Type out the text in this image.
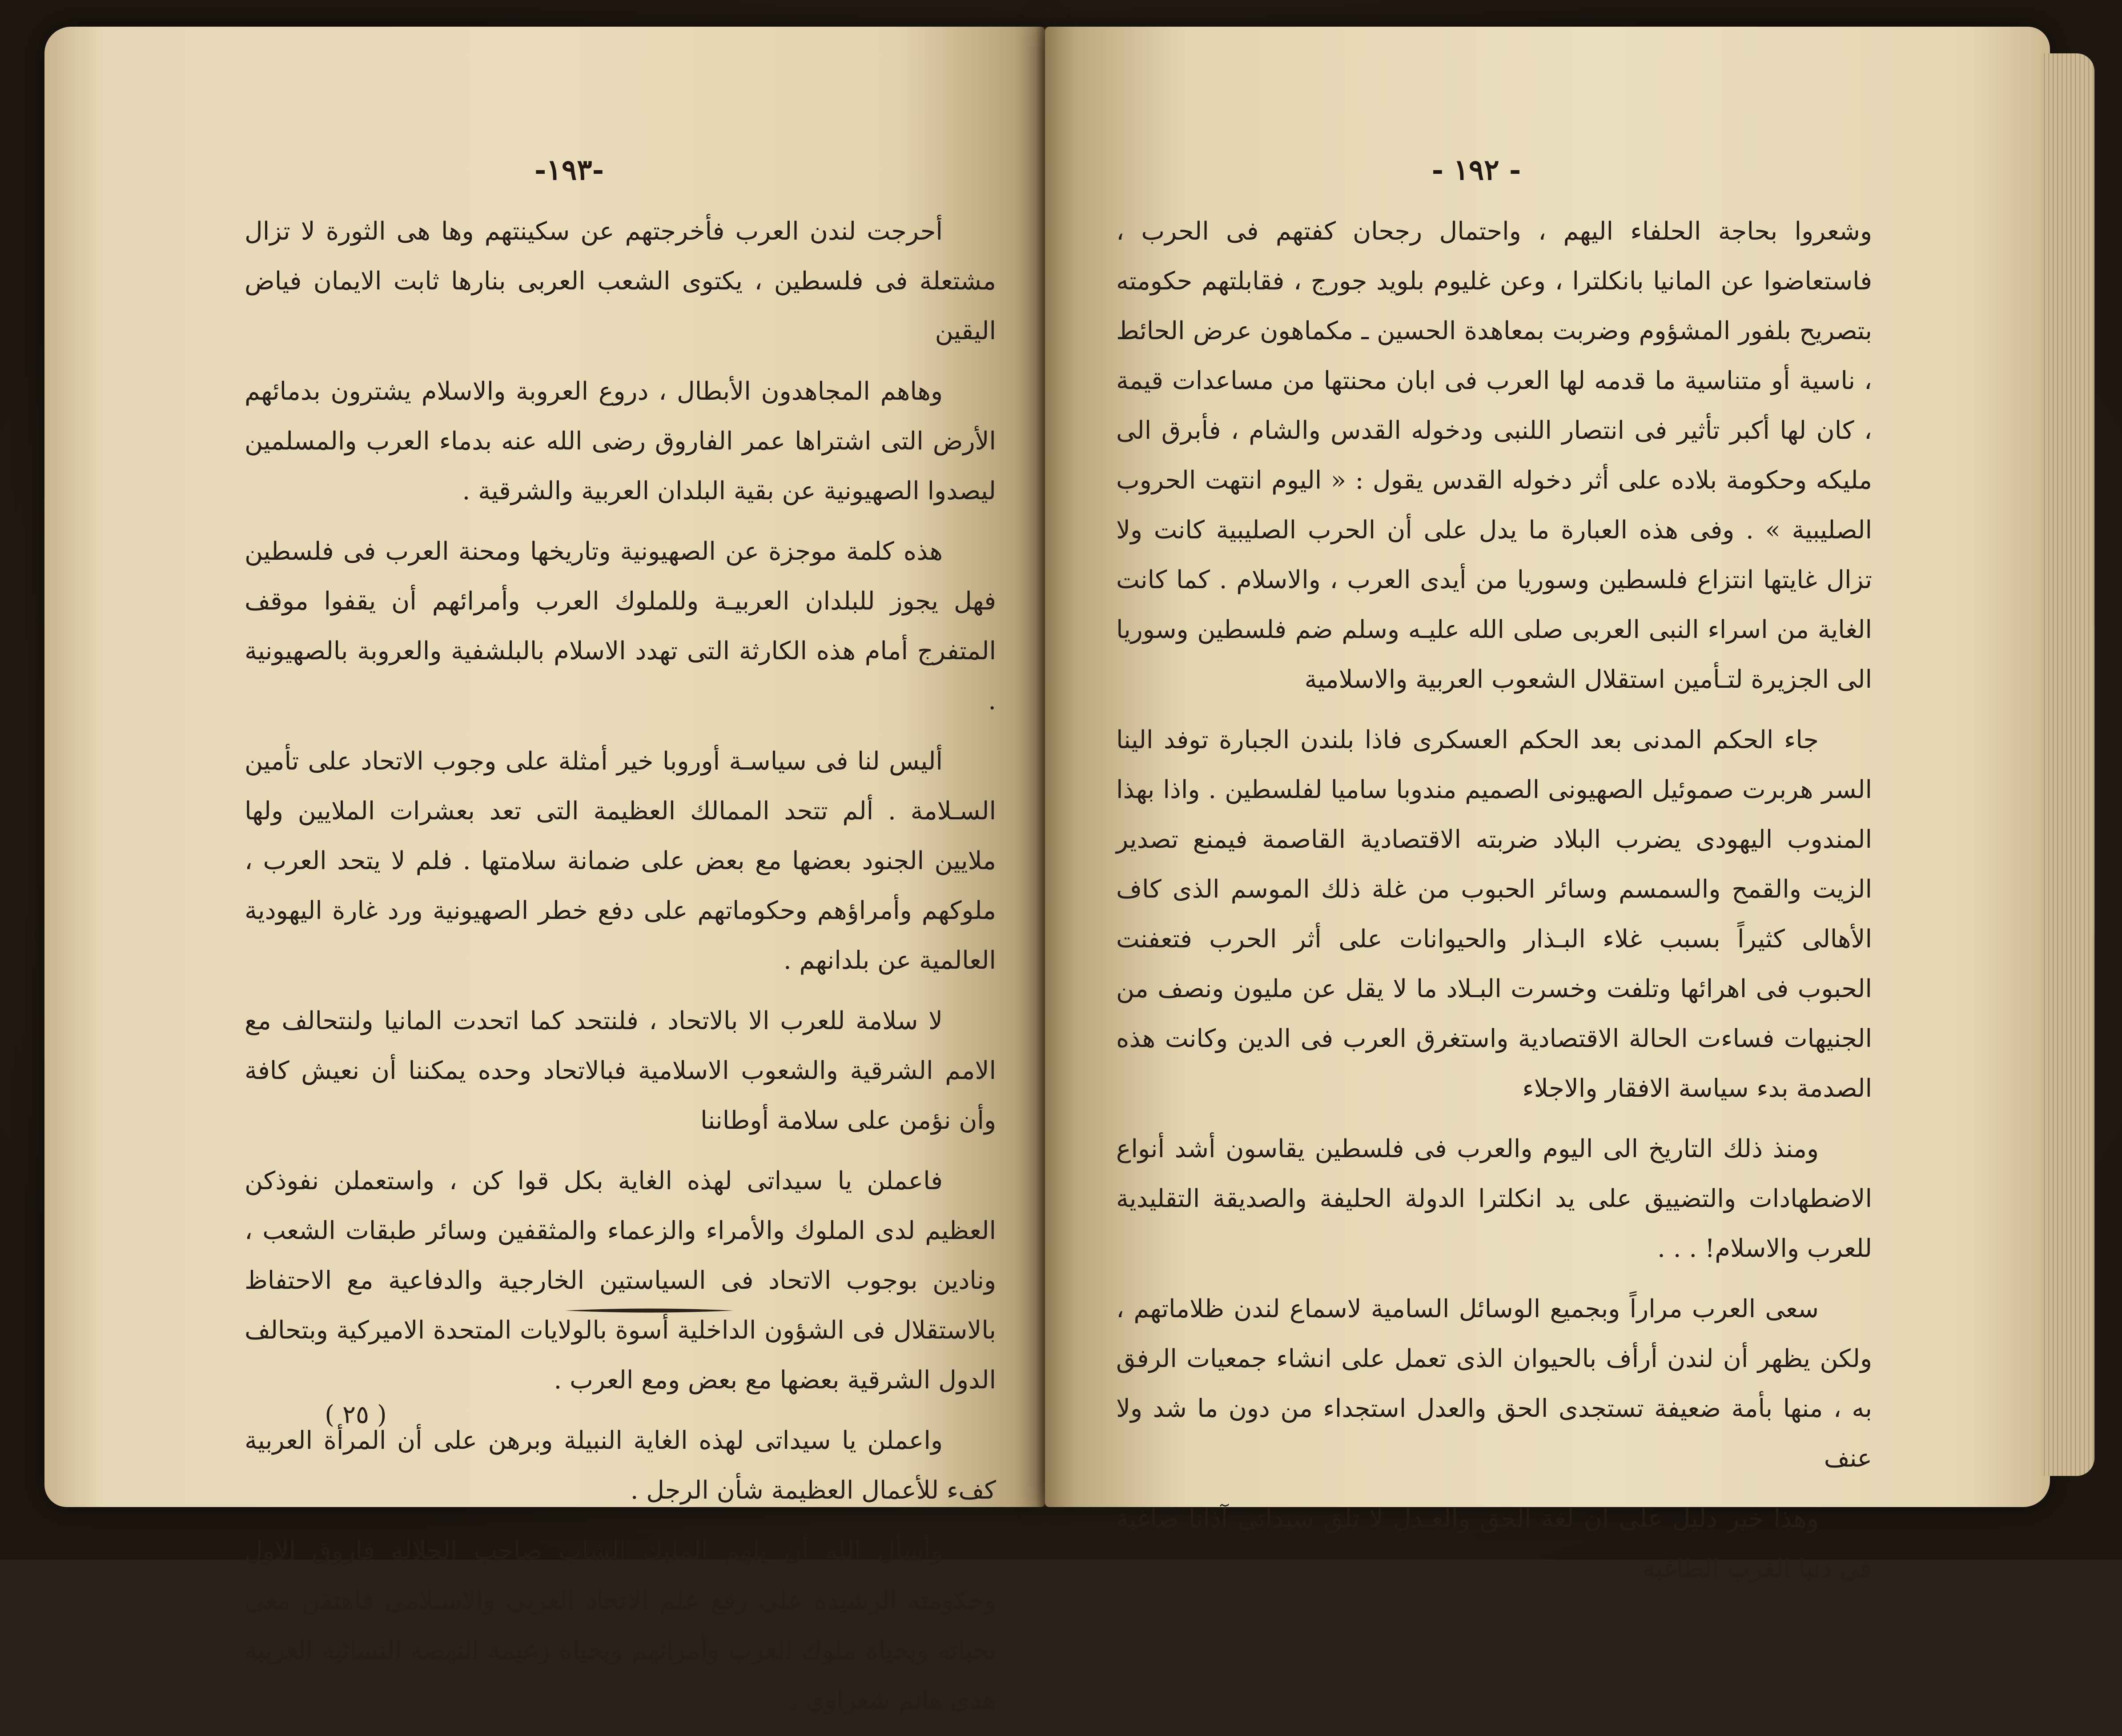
-١٩٣-	- ١٩٢ -

أحرجت لندن العرب فأخرجتهم عن سكينتهم وها هى الثورة لا تزال مشتعلة فى فلسطين ، يكتوى الشعب العربى بنارها ثابت الايمان فياض اليقين

وهاهم المجاهدون الأبطال ، دروع العروبة والاسلام يشترون بدمائهم الأرض التى اشتراها عمر الفاروق رضى الله عنه بدماء العرب والمسلمين ليصدوا الصهيونية عن بقية البلدان العربية والشرقية .

هذه كلمة موجزة عن الصهيونية وتاريخها ومحنة العرب فى فلسطين فهل يجوز للبلدان العربيـة وللملوك العرب وأمرائهم أن يقفوا موقف المتفرج أمام هذه الكارثة التى تهدد الاسلام بالبلشفية والعروبة بالصهيونية .

أليس لنا فى سياسـة أوروبا خير أمثلة على وجوب الاتحاد على تأمين السـلامة . ألم تتحد الممالك العظيمة التى تعد بعشرات الملايين ولها ملايين الجنود بعضها مع بعض على ضمانة سلامتها . فلم لا يتحد العرب ، ملوكهم وأمراؤهم وحكوماتهم على دفع خطر الصهيونية ورد غارة اليهودية العالمية عن بلدانهم .

لا سلامة للعرب الا بالاتحاد ، فلنتحد كما اتحدت المانيا ولنتحالف مع الامم الشرقية والشعوب الاسلامية فبالاتحاد وحده يمكننا أن نعيش كافة وأن نؤمن على سلامة أوطاننا

فاعملن يا سيداتى لهذه الغاية بكل قوا كن ، واستعملن نفوذكن العظيم لدى الملوك والأمراء والزعماء والمثقفين وسائر طبقات الشعب ، ونادين بوجوب الاتحاد فى السياستين الخارجية والدفاعية مع الاحتفاظ بالاستقلال فى الشؤون الداخلية أسوة بالولايات المتحدة الاميركية وبتحالف الدول الشرقية بعضها مع بعض ومع العرب .

واعملن يا سيداتى لهذه الغاية النبيلة وبرهن على أن المرأة العربية كفء للأعمال العظيمة شأن الرجل .

وأسأل الله أن يلهم المليك الشاب صاحب الجلالة فاروق الاول وحكومته الرشيدة على رفع علم الاتحاد العربى والاسـلامى فاهتفن معى بحياته وبحياة ملوك العرب وأمرائهم وبحياة زعيمة النهضة النسائية العربية هدى هانم شعراوى .

( ٢٥ )

وشعروا بحاجة الحلفاء اليهم ، واحتمال رجحان كفتهم فى الحرب ، فاستعاضوا عن المانيا بانكلترا ، وعن غليوم بلويد جورج ، فقابلتهم حكومته بتصريح بلفور المشؤوم وضربت بمعاهدة الحسين ـ مكماهون عرض الحائط ، ناسية أو متناسية ما قدمه لها العرب فى ابان محنتها من مساعدات قيمة ، كان لها أكبر تأثير فى انتصار اللنبى ودخوله القدس والشام ، فأبرق الى مليكه وحكومة بلاده على أثر دخوله القدس يقول : « اليوم انتهت الحروب الصليبية » . وفى هذه العبارة ما يدل على أن الحرب الصليبية كانت ولا تزال غايتها انتزاع فلسطين وسوريا من أيدى العرب ، والاسلام . كما كانت الغاية من اسراء النبى العربى صلى الله عليـه وسلم ضم فلسطين وسوريا الى الجزيرة لتـأمين استقلال الشعوب العربية والاسلامية

جاء الحكم المدنى بعد الحكم العسكرى فاذا بلندن الجبارة توفد الينا السر هربرت صموئيل الصهيونى الصميم مندوبا ساميا لفلسطين . واذا بهذا المندوب اليهودى يضرب البلاد ضربته الاقتصادية القاصمة فيمنع تصدير الزيت والقمح والسمسم وسائر الحبوب من غلة ذلك الموسم الذى كاف الأهالى كثيراً بسبب غلاء البـذار والحيوانات على أثر الحرب فتعفنت الحبوب فى اهرائها وتلفت وخسرت البـلاد ما لا يقل عن مليون ونصف من الجنيهات فساءت الحالة الاقتصادية واستغرق العرب فى الدين وكانت هذه الصدمة بدء سياسة الافقار والاجلاء

ومنذ ذلك التاريخ الى اليوم والعرب فى فلسطين يقاسون أشد أنواع الاضطهادات والتضييق على يد انكلترا الدولة الحليفة والصديقة التقليدية للعرب والاسلام! . . .

سعى العرب مراراً وبجميع الوسائل السامية لاسماع لندن ظلاماتهم ، ولكن يظهر أن لندن أرأف بالحيوان الذى تعمل على انشاء جمعيات الرفق به ، منها بأمة ضعيفة تستجدى الحق والعدل استجداء من دون ما شد ولا عنف

وهذا خير دليل على ان لغة الحق والعـدل لا تلق سيداتى آذانا صاغية فى دنيا الغرب الطاغية
